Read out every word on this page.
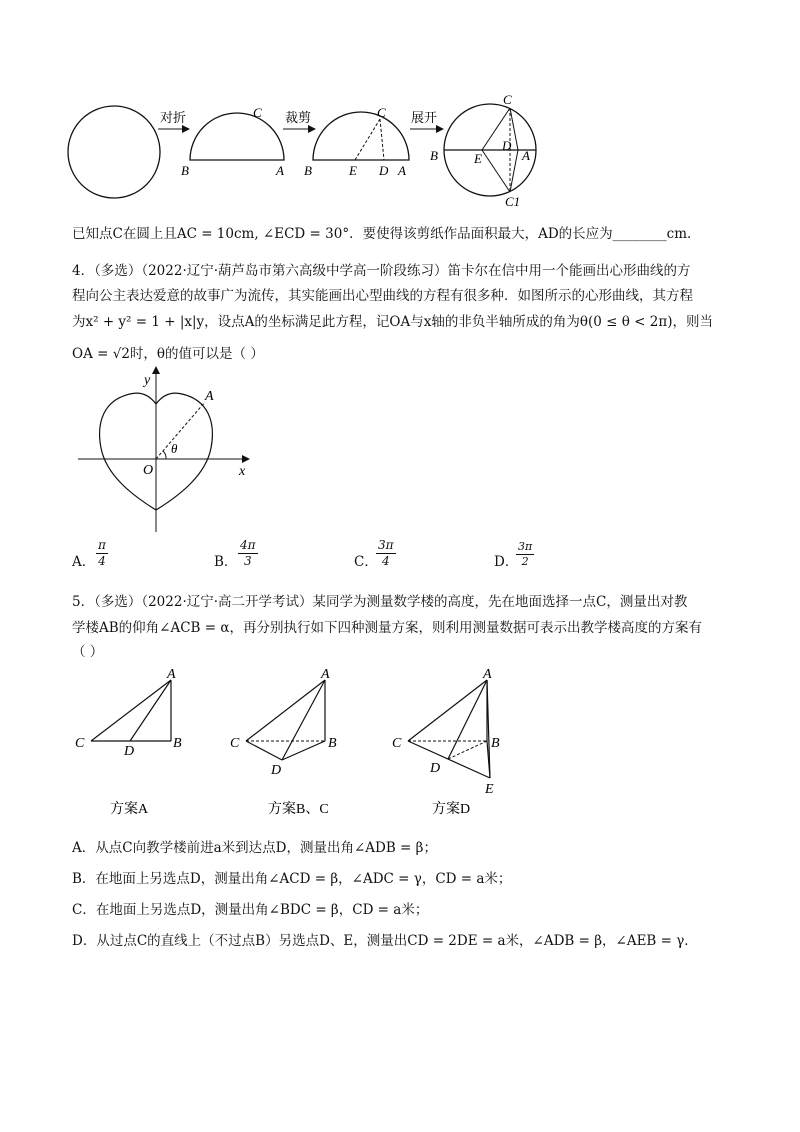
对折	C
B	A
裁剪	C
B	E D A
展开
C
B	E
D
A
C1
已知点C在圆上且AC = 10cm, ∠ECD = 30°．要使得该剪纸作品面积最大，AD的长应为________cm．
4．（多选）（2022·辽宁·葫芦岛市第六高级中学高一阶段练习）笛卡尔在信中用一个能画出心形曲线的方
程向公主表达爱意的故事广为流传，其实能画出心型曲线的方程有很多种．如图所示的心形曲线，其方程
为x² + y² = 1 + |x|y，设点A的坐标满足此方程，记OA与x轴的非负半轴所成的角为θ(0 ≤ θ < 2π)，则当
OA = √2时，θ的值可以是（ ）
y
x
O
A
θ
A． $\frac{\pi}{4}$	B． $\frac{4\pi}{3}$	C．
$\frac{3\pi}{4}$	D．
$\frac{3\pi}{2}$
5．（多选）（2022·辽宁·高二开学考试）某同学为测量数学楼的高度，先在地面选择一点C，测量出对教
学楼AB的仰角∠ACB = α，再分别执行如下四种测量方案，则利用测量数据可表示出教学楼高度的方案有
（ ）
A
B
C
D
A
B
C
D
A
B
C
D
E
方案A	方案B、C	方案D
A．从点C向教学楼前进a米到达点D，测量出角∠ADB = β；
B．在地面上另选点D，测量出角∠ACD = β，∠ADC = γ，CD = a米；
C．在地面上另选点D，测量出角∠BDC = β，CD = a米；
D．从过点C的直线上（不过点B）另选点D、E，测量出CD = 2DE = a米，∠ADB = β，∠AEB = γ．
